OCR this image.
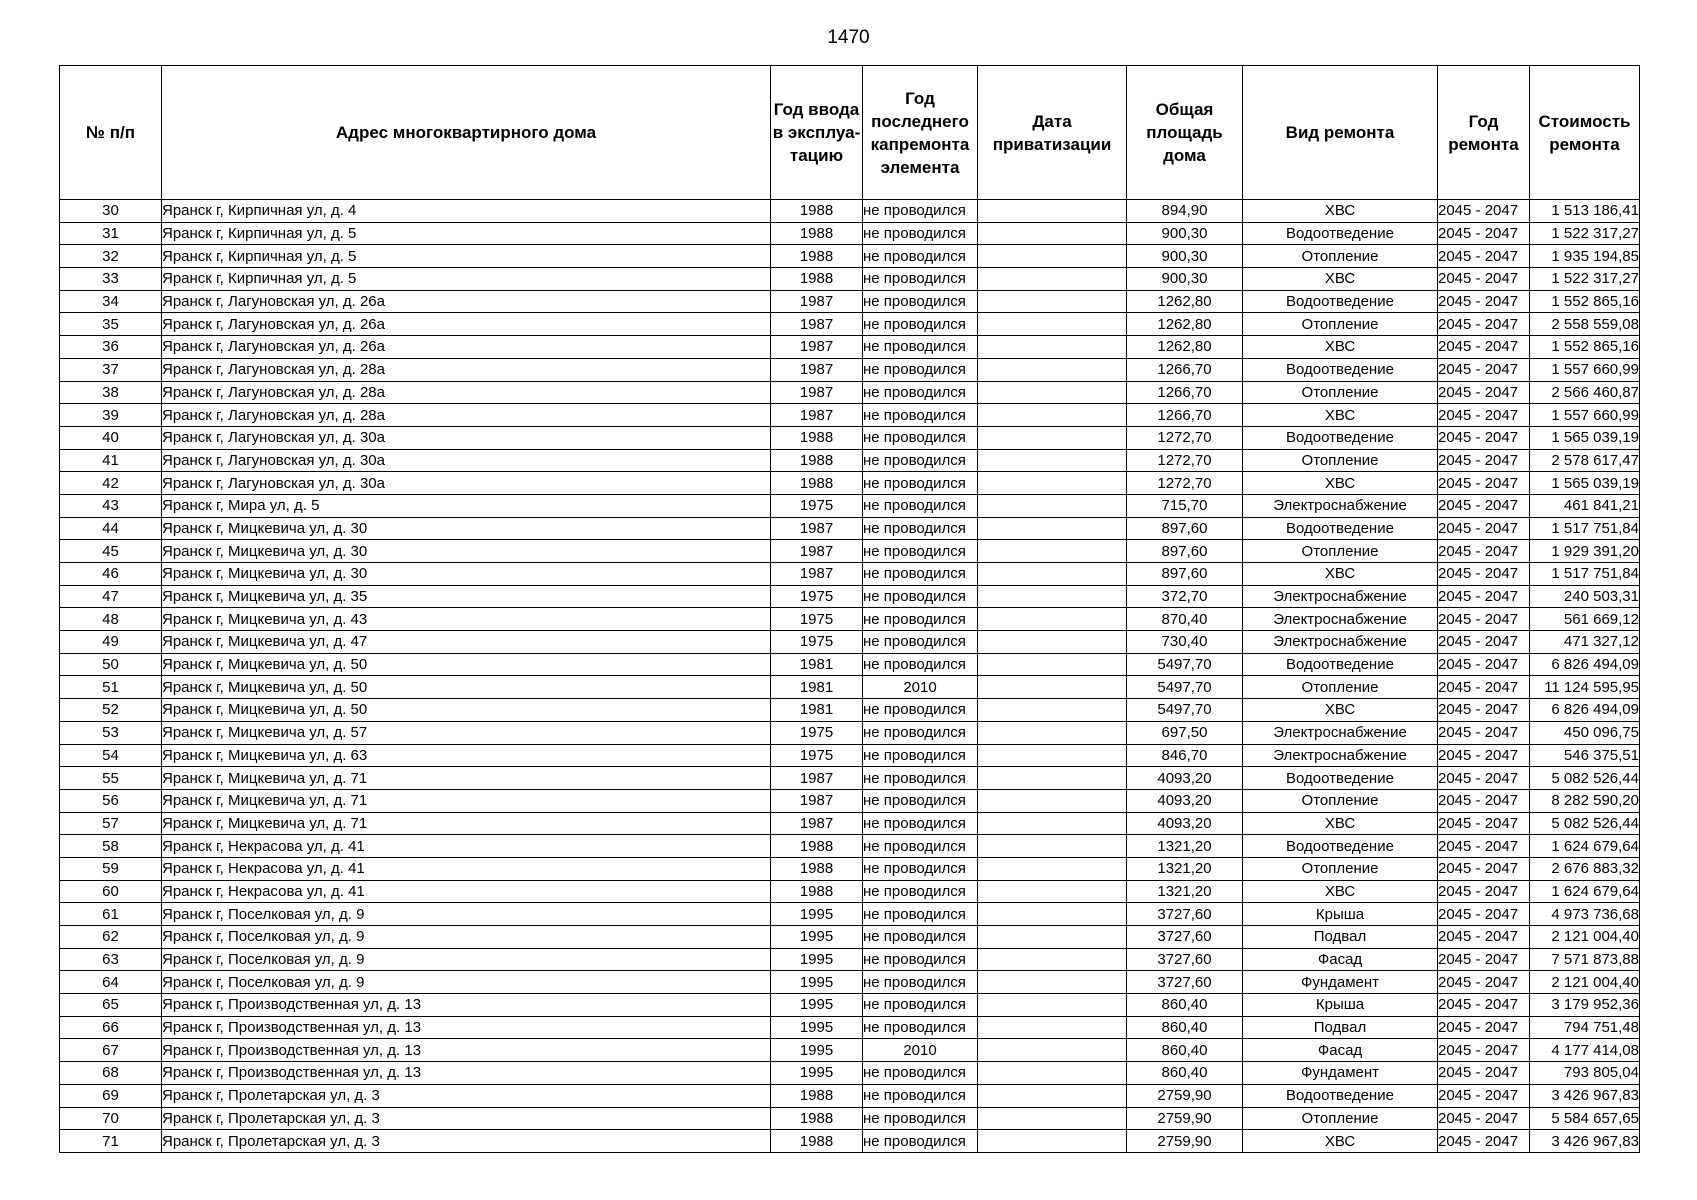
1470
№ п/п	Адрес многоквартирного дома	Год ввода в эксплуа-тацию	Год последнего капремонта элемента	Дата приватизации	Общая площадь дома	Вид ремонта	Год ремонта	Стоимость ремонта
30	Яранск г, Кирпичная ул, д. 4	1988	не проводился		894,90	ХВС	2045 - 2047	1 513 186,41
31	Яранск г, Кирпичная ул, д. 5	1988	не проводился		900,30	Водоотведение	2045 - 2047	1 522 317,27
32	Яранск г, Кирпичная ул, д. 5	1988	не проводился		900,30	Отопление	2045 - 2047	1 935 194,85
33	Яранск г, Кирпичная ул, д. 5	1988	не проводился		900,30	ХВС	2045 - 2047	1 522 317,27
34	Яранск г, Лагуновская ул, д. 26а	1987	не проводился		1262,80	Водоотведение	2045 - 2047	1 552 865,16
35	Яранск г, Лагуновская ул, д. 26а	1987	не проводился		1262,80	Отопление	2045 - 2047	2 558 559,08
36	Яранск г, Лагуновская ул, д. 26а	1987	не проводился		1262,80	ХВС	2045 - 2047	1 552 865,16
37	Яранск г, Лагуновская ул, д. 28а	1987	не проводился		1266,70	Водоотведение	2045 - 2047	1 557 660,99
38	Яранск г, Лагуновская ул, д. 28а	1987	не проводился		1266,70	Отопление	2045 - 2047	2 566 460,87
39	Яранск г, Лагуновская ул, д. 28а	1987	не проводился		1266,70	ХВС	2045 - 2047	1 557 660,99
40	Яранск г, Лагуновская ул, д. 30а	1988	не проводился		1272,70	Водоотведение	2045 - 2047	1 565 039,19
41	Яранск г, Лагуновская ул, д. 30а	1988	не проводился		1272,70	Отопление	2045 - 2047	2 578 617,47
42	Яранск г, Лагуновская ул, д. 30а	1988	не проводился		1272,70	ХВС	2045 - 2047	1 565 039,19
43	Яранск г, Мира ул, д. 5	1975	не проводился		715,70	Электроснабжение	2045 - 2047	461 841,21
44	Яранск г, Мицкевича ул, д. 30	1987	не проводился		897,60	Водоотведение	2045 - 2047	1 517 751,84
45	Яранск г, Мицкевича ул, д. 30	1987	не проводился		897,60	Отопление	2045 - 2047	1 929 391,20
46	Яранск г, Мицкевича ул, д. 30	1987	не проводился		897,60	ХВС	2045 - 2047	1 517 751,84
47	Яранск г, Мицкевича ул, д. 35	1975	не проводился		372,70	Электроснабжение	2045 - 2047	240 503,31
48	Яранск г, Мицкевича ул, д. 43	1975	не проводился		870,40	Электроснабжение	2045 - 2047	561 669,12
49	Яранск г, Мицкевича ул, д. 47	1975	не проводился		730,40	Электроснабжение	2045 - 2047	471 327,12
50	Яранск г, Мицкевича ул, д. 50	1981	не проводился		5497,70	Водоотведение	2045 - 2047	6 826 494,09
51	Яранск г, Мицкевича ул, д. 50	1981	2010		5497,70	Отопление	2045 - 2047	11 124 595,95
52	Яранск г, Мицкевича ул, д. 50	1981	не проводился		5497,70	ХВС	2045 - 2047	6 826 494,09
53	Яранск г, Мицкевича ул, д. 57	1975	не проводился		697,50	Электроснабжение	2045 - 2047	450 096,75
54	Яранск г, Мицкевича ул, д. 63	1975	не проводился		846,70	Электроснабжение	2045 - 2047	546 375,51
55	Яранск г, Мицкевича ул, д. 71	1987	не проводился		4093,20	Водоотведение	2045 - 2047	5 082 526,44
56	Яранск г, Мицкевича ул, д. 71	1987	не проводился		4093,20	Отопление	2045 - 2047	8 282 590,20
57	Яранск г, Мицкевича ул, д. 71	1987	не проводился		4093,20	ХВС	2045 - 2047	5 082 526,44
58	Яранск г, Некрасова ул, д. 41	1988	не проводился		1321,20	Водоотведение	2045 - 2047	1 624 679,64
59	Яранск г, Некрасова ул, д. 41	1988	не проводился		1321,20	Отопление	2045 - 2047	2 676 883,32
60	Яранск г, Некрасова ул, д. 41	1988	не проводился		1321,20	ХВС	2045 - 2047	1 624 679,64
61	Яранск г, Поселковая ул, д. 9	1995	не проводился		3727,60	Крыша	2045 - 2047	4 973 736,68
62	Яранск г, Поселковая ул, д. 9	1995	не проводился		3727,60	Подвал	2045 - 2047	2 121 004,40
63	Яранск г, Поселковая ул, д. 9	1995	не проводился		3727,60	Фасад	2045 - 2047	7 571 873,88
64	Яранск г, Поселковая ул, д. 9	1995	не проводился		3727,60	Фундамент	2045 - 2047	2 121 004,40
65	Яранск г, Производственная ул, д. 13	1995	не проводился		860,40	Крыша	2045 - 2047	3 179 952,36
66	Яранск г, Производственная ул, д. 13	1995	не проводился		860,40	Подвал	2045 - 2047	794 751,48
67	Яранск г, Производственная ул, д. 13	1995	2010		860,40	Фасад	2045 - 2047	4 177 414,08
68	Яранск г, Производственная ул, д. 13	1995	не проводился		860,40	Фундамент	2045 - 2047	793 805,04
69	Яранск г, Пролетарская ул, д. 3	1988	не проводился		2759,90	Водоотведение	2045 - 2047	3 426 967,83
70	Яранск г, Пролетарская ул, д. 3	1988	не проводился		2759,90	Отопление	2045 - 2047	5 584 657,65
71	Яранск г, Пролетарская ул, д. 3	1988	не проводился		2759,90	ХВС	2045 - 2047	3 426 967,83
